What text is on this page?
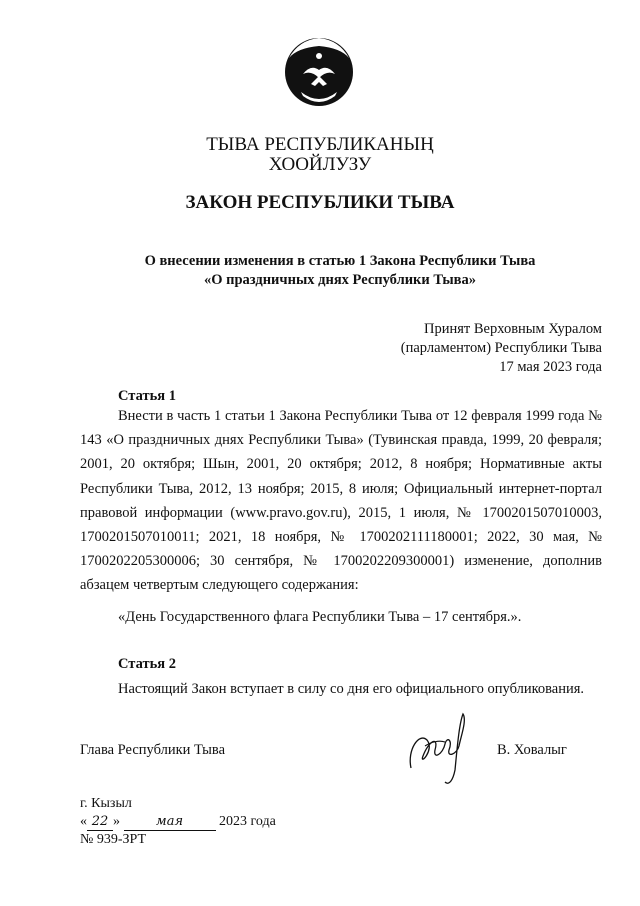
ТЫВА РЕСПУБЛИКАНЫҢ
ХООЙЛУЗУ
ЗАКОН РЕСПУБЛИКИ ТЫВА
О внесении изменения в статью 1 Закона Республики Тыва
«О праздничных днях Республики Тыва»
Принят Верховным Хуралом
(парламентом) Республики Тыва
17 мая 2023 года
Статья 1
Внести в часть 1 статьи 1 Закона Республики Тыва от 12 февраля 1999 года № 143 «О праздничных днях Республики Тыва» (Тувинская правда, 1999, 20 февраля; 2001, 20 октября; Шын, 2001, 20 октября; 2012, 8 ноября; Нормативные акты Республики Тыва, 2012, 13 ноября; 2015, 8 июля; Официальный интернет-портал правовой информации (www.pravo.gov.ru), 2015, 1 июля, № 1700201507010003, 1700201507010011; 2021, 18 ноября, № 1700202111180001; 2022, 30 мая, № 1700202205300006; 30 сентября, № 1700202209300001) изменение, дополнив абзацем четвертым следующего содержания:
«День Государственного флага Республики Тыва – 17 сентября.».
Статья 2
Настоящий Закон вступает в силу со дня его официального опубликования.
Глава Республики Тыва	В. Ховалыг
г. Кызыл
« 22 »	мая	2023 года
№ 939-ЗРТ
